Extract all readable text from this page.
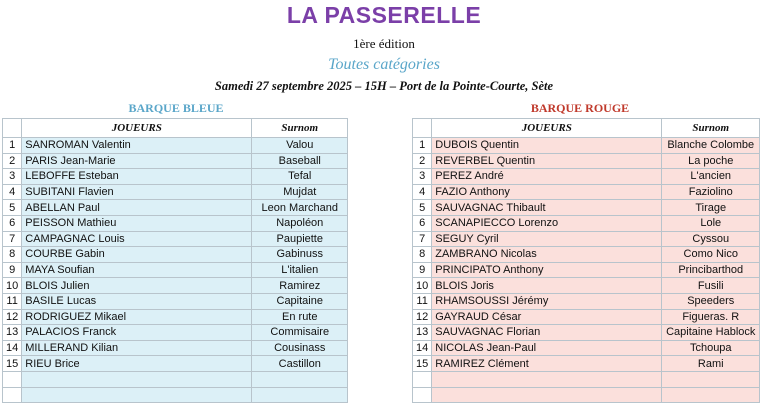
LA PASSERELLE
1ère édition
Toutes catégories
Samedi 27 septembre 2025 – 15H – Port de la Pointe-Courte, Sète
BARQUE BLEUE	BARQUE ROUGE
	JOUEURS	Surnom
1	SANROMAN Valentin	Valou
2	PARIS Jean-Marie	Baseball
3	LEBOFFE Esteban	Tefal
4	SUBITANI Flavien	Mujdat
5	ABELLAN Paul	Leon Marchand
6	PEISSON Mathieu	Napoléon
7	CAMPAGNAC Louis	Paupiette
8	COURBE Gabin	Gabinuss
9	MAYA Soufian	L'italien
10	BLOIS Julien	Ramirez
11	BASILE Lucas	Capitaine
12	RODRIGUEZ Mikael	En rute
13	PALACIOS Franck	Commisaire
14	MILLERAND Kilian	Cousinass
15	RIEU Brice	Castillon

	JOUEURS	Surnom
1	DUBOIS Quentin	Blanche Colombe
2	REVERBEL Quentin	La poche
3	PEREZ André	L'ancien
4	FAZIO Anthony	Faziolino
5	SAUVAGNAC Thibault	Tirage
6	SCANAPIECCO Lorenzo	Lole
7	SEGUY Cyril	Cyssou
8	ZAMBRANO Nicolas	Como Nico
9	PRINCIPATO Anthony	Princibarthod
10	BLOIS Joris	Fusili
11	RHAMSOUSSI Jérémy	Speeders
12	GAYRAUD César	Figueras. R
13	SAUVAGNAC Florian	Capitaine Hablock
14	NICOLAS Jean-Paul	Tchoupa
15	RAMIREZ Clément	Rami
